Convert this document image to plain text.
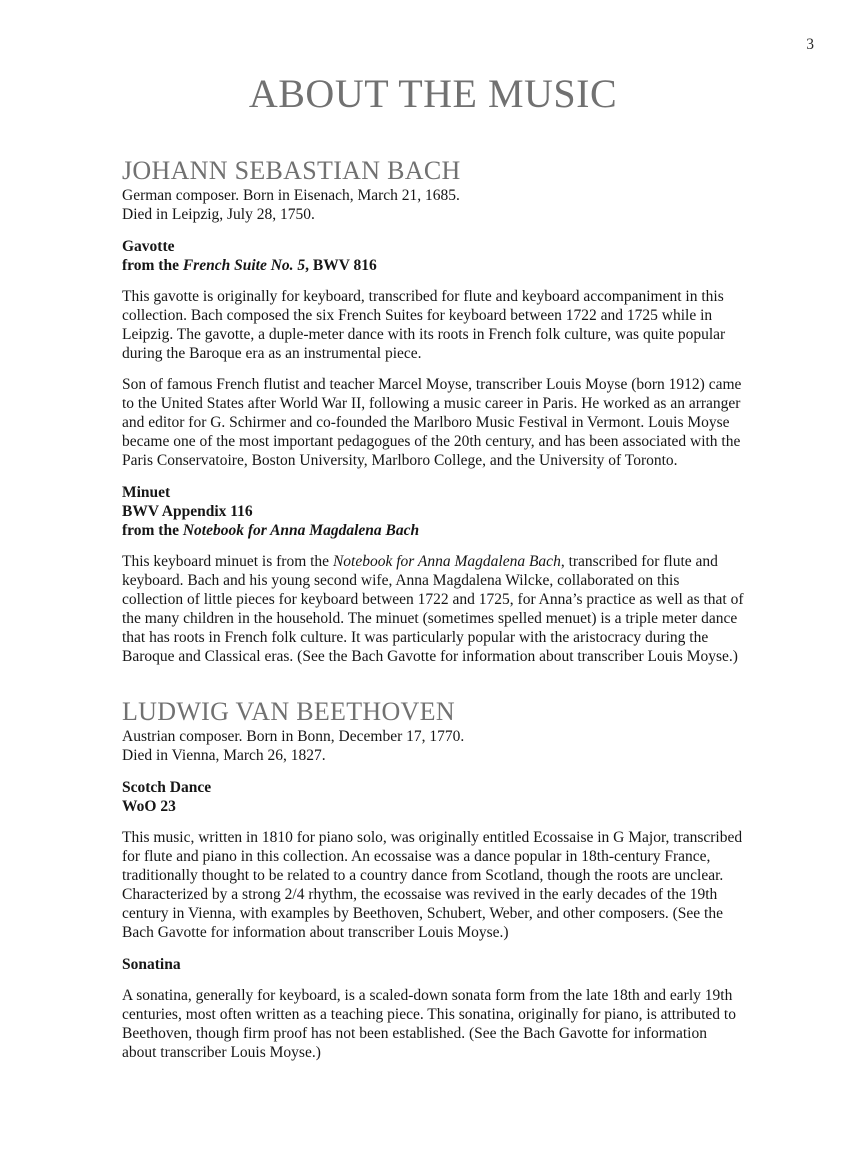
3
ABOUT THE MUSIC
JOHANN SEBASTIAN BACH

German composer. Born in Eisenach, March 21, 1685.
Died in Leipzig, July 28, 1750.

Gavotte
from the French Suite No. 5, BWV 816

This gavotte is originally for keyboard, transcribed for flute and keyboard accompaniment in this collection. Bach composed the six French Suites for keyboard between 1722 and 1725 while in Leipzig. The gavotte, a duple-meter dance with its roots in French folk culture, was quite popular during the Baroque era as an instrumental piece.

Son of famous French flutist and teacher Marcel Moyse, transcriber Louis Moyse (born 1912) came to the United States after World War II, following a music career in Paris. He worked as an arranger and editor for G. Schirmer and co-founded the Marlboro Music Festival in Vermont. Louis Moyse became one of the most important pedagogues of the 20th century, and has been associated with the Paris Conservatoire, Boston University, Marlboro College, and the University of Toronto.

Minuet
BWV Appendix 116
from the Notebook for Anna Magdalena Bach

This keyboard minuet is from the Notebook for Anna Magdalena Bach, transcribed for flute and keyboard. Bach and his young second wife, Anna Magdalena Wilcke, collaborated on this collection of little pieces for keyboard between 1722 and 1725, for Anna’s practice as well as that of the many children in the household. The minuet (sometimes spelled menuet) is a triple meter dance that has roots in French folk culture. It was particularly popular with the aristocracy during the Baroque and Classical eras. (See the Bach Gavotte for information about transcriber Louis Moyse.)

LUDWIG VAN BEETHOVEN

Austrian composer. Born in Bonn, December 17, 1770.
Died in Vienna, March 26, 1827.

Scotch Dance
WoO 23

This music, written in 1810 for piano solo, was originally entitled Ecossaise in G Major, transcribed for flute and piano in this collection. An ecossaise was a dance popular in 18th-century France, traditionally thought to be related to a country dance from Scotland, though the roots are unclear. Characterized by a strong 2/4 rhythm, the ecossaise was revived in the early decades of the 19th century in Vienna, with examples by Beethoven, Schubert, Weber, and other composers. (See the Bach Gavotte for information about transcriber Louis Moyse.)

Sonatina

A sonatina, generally for keyboard, is a scaled-down sonata form from the late 18th and early 19th centuries, most often written as a teaching piece. This sonatina, originally for piano, is attributed to Beethoven, though firm proof has not been established. (See the Bach Gavotte for information about transcriber Louis Moyse.)
